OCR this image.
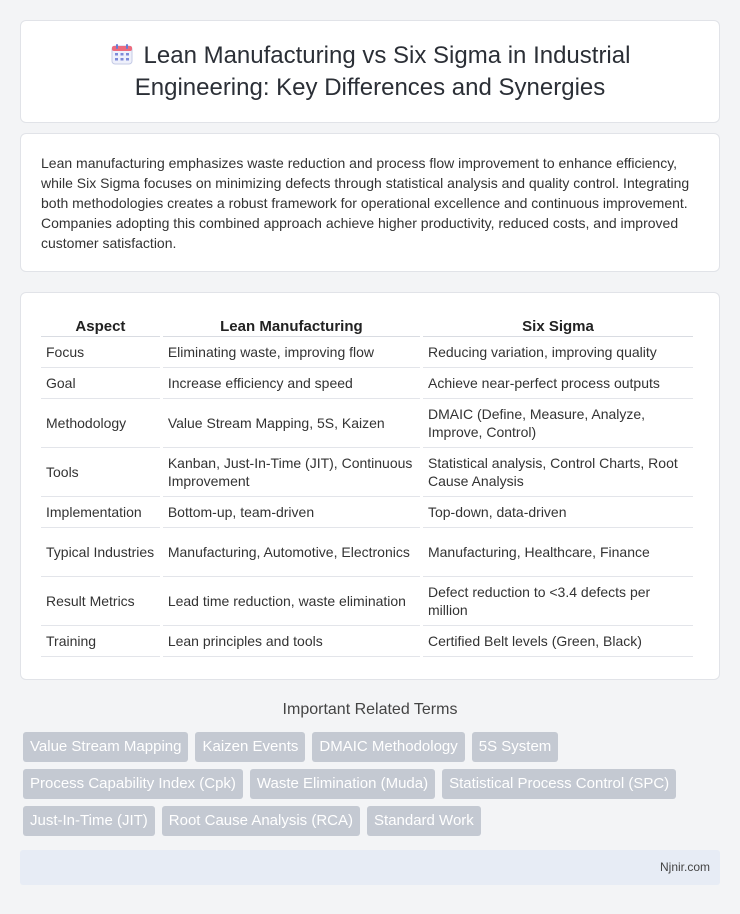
Lean Manufacturing vs Six Sigma in Industrial Engineering: Key Differences and Synergies

Lean manufacturing emphasizes waste reduction and process flow improvement to enhance efficiency, while Six Sigma focuses on minimizing defects through statistical analysis and quality control. Integrating both methodologies creates a robust framework for operational excellence and continuous improvement. Companies adopting this combined approach achieve higher productivity, reduced costs, and improved customer satisfaction.

Aspect	Lean Manufacturing	Six Sigma
Focus	Eliminating waste, improving flow	Reducing variation, improving quality
Goal	Increase efficiency and speed	Achieve near-perfect process outputs
Methodology	Value Stream Mapping, 5S, Kaizen	DMAIC (Define, Measure, Analyze, Improve, Control)
Tools	Kanban, Just-In-Time (JIT), Continuous Improvement	Statistical analysis, Control Charts, Root Cause Analysis
Implementation	Bottom-up, team-driven	Top-down, data-driven
Typical Industries	Manufacturing, Automotive, Electronics	Manufacturing, Healthcare, Finance
Result Metrics	Lead time reduction, waste elimination	Defect reduction to <3.4 defects per million
Training	Lean principles and tools	Certified Belt levels (Green, Black)
Important Related Terms
Value Stream Mapping	Kaizen Events	DMAIC Methodology	5S System
Process Capability Index (Cpk)	Waste Elimination (Muda)	Statistical Process Control (SPC)
Just-In-Time (JIT)	Root Cause Analysis (RCA)	Standard Work
Njnir.com
